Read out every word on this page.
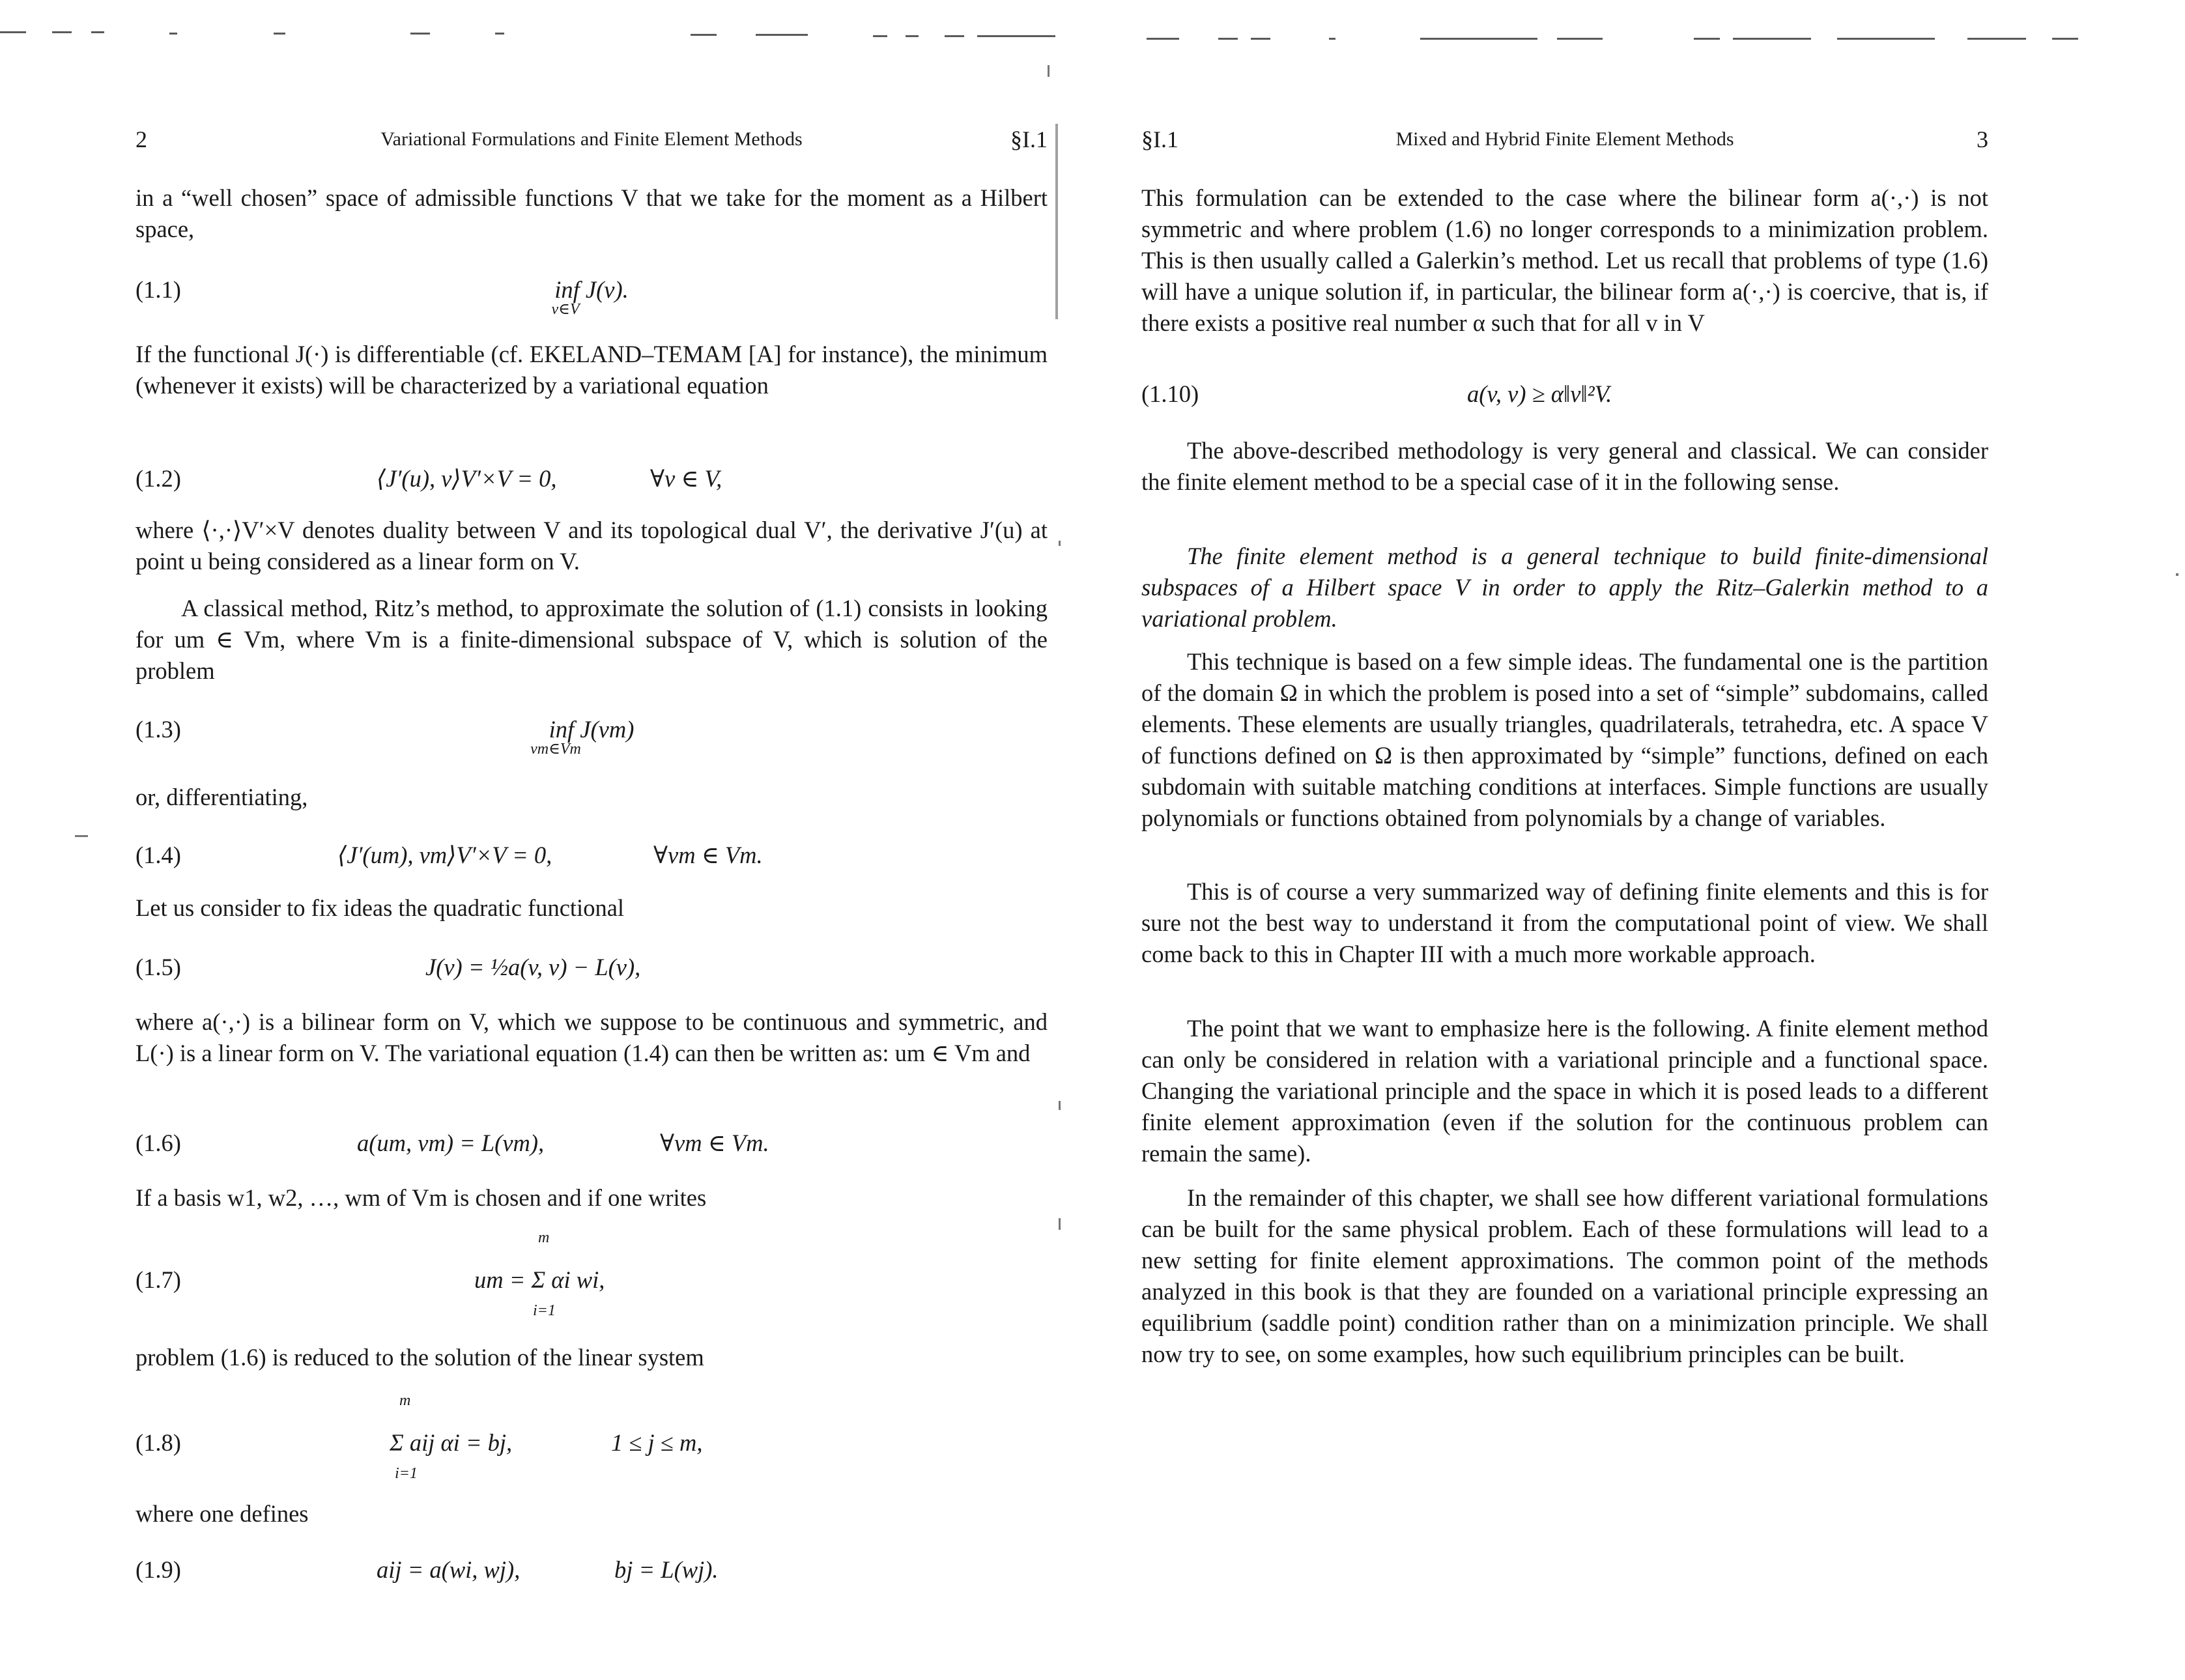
2	Variational Formulations and Finite Element Methods	§I.1

in a “well chosen” space of admissible functions V that we take for the moment as a Hilbert space,

(1.1)	inf J(v).
v∈V

If the functional J(·) is differentiable (cf. EKELAND–TEMAM [A] for instance), the minimum (whenever it exists) will be characterized by a variational equation

(1.2)	⟨J′(u), v⟩V′×V = 0,	∀v ∈ V,

where ⟨·,·⟩V′×V denotes duality between V and its topological dual V′, the derivative J′(u) at point u being considered as a linear form on V.

A classical method, Ritz’s method, to approximate the solution of (1.1) consists in looking for um ∈ Vm, where Vm is a finite-dimensional subspace of V, which is solution of the problem

(1.3)	inf J(vm)
vm∈Vm

or, differentiating,

(1.4)	⟨J′(um), vm⟩V′×V = 0,	∀vm ∈ Vm.

Let us consider to fix ideas the quadratic functional

(1.5)	J(v) = ½a(v, v) − L(v),

where a(·,·) is a bilinear form on V, which we suppose to be continuous and symmetric, and L(·) is a linear form on V. The variational equation (1.4) can then be written as: um ∈ Vm and

(1.6)	a(um, vm) = L(vm),	∀vm ∈ Vm.

If a basis w1, w2, …, wm of Vm is chosen and if one writes

(1.7)	um = Σ αi wi,
m
i=1

problem (1.6) is reduced to the solution of the linear system

(1.8)	Σ aij αi = bj,	1 ≤ j ≤ m,
m
i=1

where one defines

(1.9)	aij = a(wi, wj),	bj = L(wj).
§I.1	Mixed and Hybrid Finite Element Methods	3

This formulation can be extended to the case where the bilinear form a(·,·) is not symmetric and where problem (1.6) no longer corresponds to a minimization problem. This is then usually called a Galerkin’s method. Let us recall that problems of type (1.6) will have a unique solution if, in particular, the bilinear form a(·,·) is coercive, that is, if there exists a positive real number α such that for all v in V

(1.10)	a(v, v) ≥ α‖v‖²V.

The above-described methodology is very general and classical. We can consider the finite element method to be a special case of it in the following sense.

The finite element method is a general technique to build finite-dimensional subspaces of a Hilbert space V in order to apply the Ritz–Galerkin method to a variational problem.

This technique is based on a few simple ideas. The fundamental one is the partition of the domain Ω in which the problem is posed into a set of “simple” subdomains, called elements. These elements are usually triangles, quadrilaterals, tetrahedra, etc. A space V of functions defined on Ω is then approximated by “simple” functions, defined on each subdomain with suitable matching conditions at interfaces. Simple functions are usually polynomials or functions obtained from polynomials by a change of variables.

This is of course a very summarized way of defining finite elements and this is for sure not the best way to understand it from the computational point of view. We shall come back to this in Chapter III with a much more workable approach.

The point that we want to emphasize here is the following. A finite element method can only be considered in relation with a variational principle and a functional space. Changing the variational principle and the space in which it is posed leads to a different finite element approximation (even if the solution for the continuous problem can remain the same).

In the remainder of this chapter, we shall see how different variational formulations can be built for the same physical problem. Each of these formulations will lead to a new setting for finite element approximations. The common point of the methods analyzed in this book is that they are founded on a variational principle expressing an equilibrium (saddle point) condition rather than on a minimization principle. We shall now try to see, on some examples, how such equilibrium principles can be built.
